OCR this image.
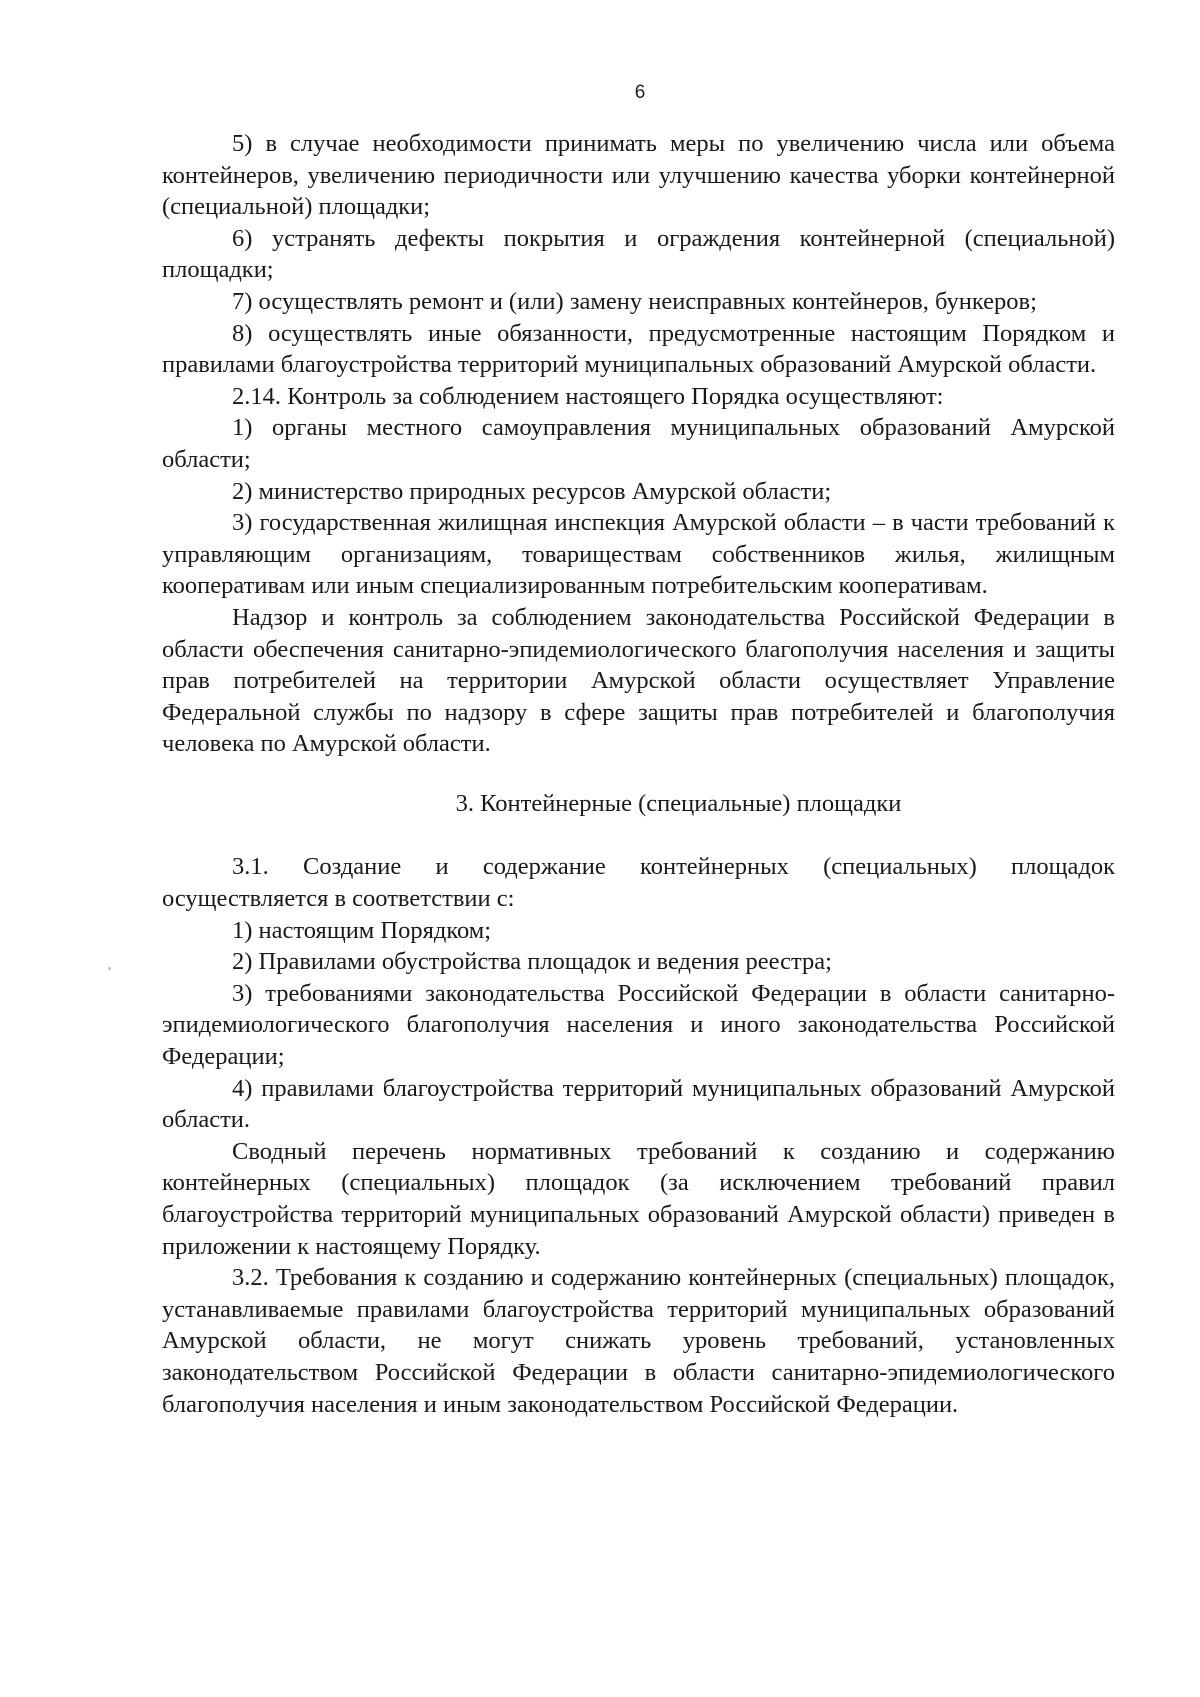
6

5) в случае необходимости принимать меры по увеличению числа или объема контейнеров, увеличению периодичности или улучшению качества уборки контейнерной (специальной) площадки;

6) устранять дефекты покрытия и ограждения контейнерной (специальной) площадки;

7) осуществлять ремонт и (или) замену неисправных контейнеров, бункеров;

8) осуществлять иные обязанности, предусмотренные настоящим Порядком и правилами благоустройства территорий муниципальных образований Амурской области.

2.14. Контроль за соблюдением настоящего Порядка осуществляют:

1) органы местного самоуправления муниципальных образований Амурской области;

2) министерство природных ресурсов Амурской области;

3) государственная жилищная инспекция Амурской области – в части требований к управляющим организациям, товариществам собственников жилья, жилищным кооперативам или иным специализированным потребительским кооперативам.

Надзор и контроль за соблюдением законодательства Российской Федерации в области обеспечения санитарно-эпидемиологического благополучия населения и защиты прав потребителей на территории Амурской области осуществляет Управление Федеральной службы по надзору в сфере защиты прав потребителей и благополучия человека по Амурской области.

3. Контейнерные (специальные) площадки

3.1. Создание и содержание контейнерных (специальных) площадок осуществляется в соответствии с:

1) настоящим Порядком;

2) Правилами обустройства площадок и ведения реестра;

3) требованиями законодательства Российской Федерации в области санитарно-эпидемиологического благополучия населения и иного законодательства Российской Федерации;

4) правилами благоустройства территорий муниципальных образований Амурской области.

Сводный перечень нормативных требований к созданию и содержанию контейнерных (специальных) площадок (за исключением требований правил благоустройства территорий муниципальных образований Амурской области) приведен в приложении к настоящему Порядку.

3.2. Требования к созданию и содержанию контейнерных (специальных) площадок, устанавливаемые правилами благоустройства территорий муниципальных образований Амурской области, не могут снижать уровень требований, установленных законодательством Российской Федерации в области санитарно-эпидемиологического благополучия населения и иным законодательством Российской Федерации.
